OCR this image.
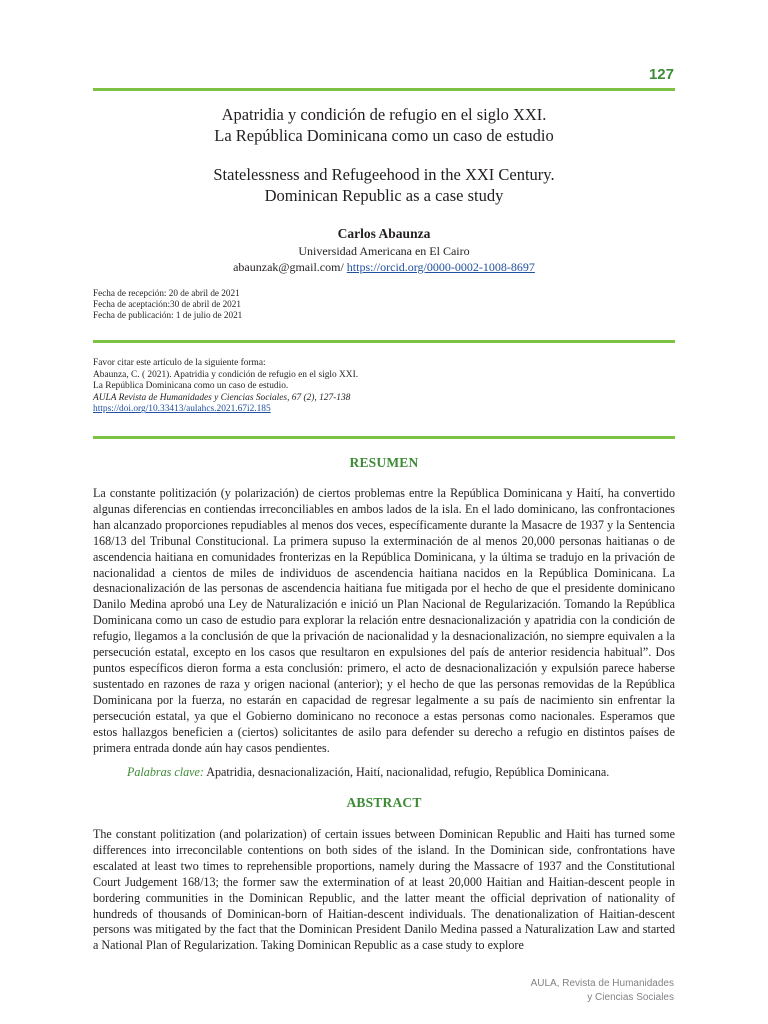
127
Apatridia y condición de refugio en el siglo XXI.
La República Dominicana como un caso de estudio
Statelessness and Refugeehood in the XXI Century.
Dominican Republic as a case study
Carlos Abaunza
Universidad Americana en El Cairo
abaunzak@gmail.com/ https://orcid.org/0000-0002-1008-8697
Fecha de recepción: 20 de abril de 2021
Fecha de aceptación:30 de abril de 2021
Fecha de publicación: 1 de julio de 2021
Favor citar este artículo de la siguiente forma:
Abaunza, C. ( 2021). Apatridia y condición de refugio en el siglo XXI.
La República Dominicana como un caso de estudio.
AULA Revista de Humanidades y Ciencias Sociales, 67 (2), 127-138
https://doi.org/10.33413/aulahcs.2021.67i2.185
RESUMEN
La constante politización (y polarización) de ciertos problemas entre la República Dominicana y Haití, ha convertido algunas diferencias en contiendas irreconciliables en ambos lados de la isla. En el lado dominicano, las confrontaciones han alcanzado proporciones repudiables al menos dos veces, específicamente durante la Masacre de 1937 y la Sentencia 168/13 del Tribunal Constitucional. La primera supuso la exterminación de al menos 20,000 personas haitianas o de ascendencia haitiana en comunidades fronterizas en la República Dominicana, y la última se tradujo en la privación de nacionalidad a cientos de miles de individuos de ascendencia haitiana nacidos en la República Dominicana. La desnacionalización de las personas de ascendencia haitiana fue mitigada por el hecho de que el presidente dominicano Danilo Medina aprobó una Ley de Naturalización e inició un Plan Nacional de Regularización. Tomando la República Dominicana como un caso de estudio para explorar la relación entre desnacionalización y apatridia con la condición de refugio, llegamos a la conclusión de que la privación de nacionalidad y la desnacionalización, no siempre equivalen a la persecución estatal, excepto en los casos que resultaron en expulsiones del país de anterior residencia habitual”. Dos puntos específicos dieron forma a esta conclusión: primero, el acto de desnacionalización y expulsión parece haberse sustentado en razones de raza y origen nacional (anterior); y el hecho de que las personas removidas de la República Dominicana por la fuerza, no estarán en capacidad de regresar legalmente a su país de nacimiento sin enfrentar la persecución estatal, ya que el Gobierno dominicano no reconoce a estas personas como nacionales. Esperamos que estos hallazgos beneficien a (ciertos) solicitantes de asilo para defender su derecho a refugio en distintos países de primera entrada donde aún hay casos pendientes.
Palabras clave: Apatridia, desnacionalización, Haití, nacionalidad, refugio, República Dominicana.
ABSTRACT
The constant politization (and polarization) of certain issues between Dominican Republic and Haiti has turned some differences into irreconcilable contentions on both sides of the island. In the Dominican side, confrontations have escalated at least two times to reprehensible proportions, namely during the Massacre of 1937 and the Constitutional Court Judgement 168/13; the former saw the extermination of at least 20,000 Haitian and Haitian-descent people in bordering communities in the Dominican Republic, and the latter meant the official deprivation of nationality of hundreds of thousands of Dominican-born of Haitian-descent individuals. The denationalization of Haitian-descent persons was mitigated by the fact that the Dominican President Danilo Medina passed a Naturalization Law and started a National Plan of Regularization. Taking Dominican Republic as a case study to explore
AULA, Revista de Humanidades
y Ciencias Sociales
